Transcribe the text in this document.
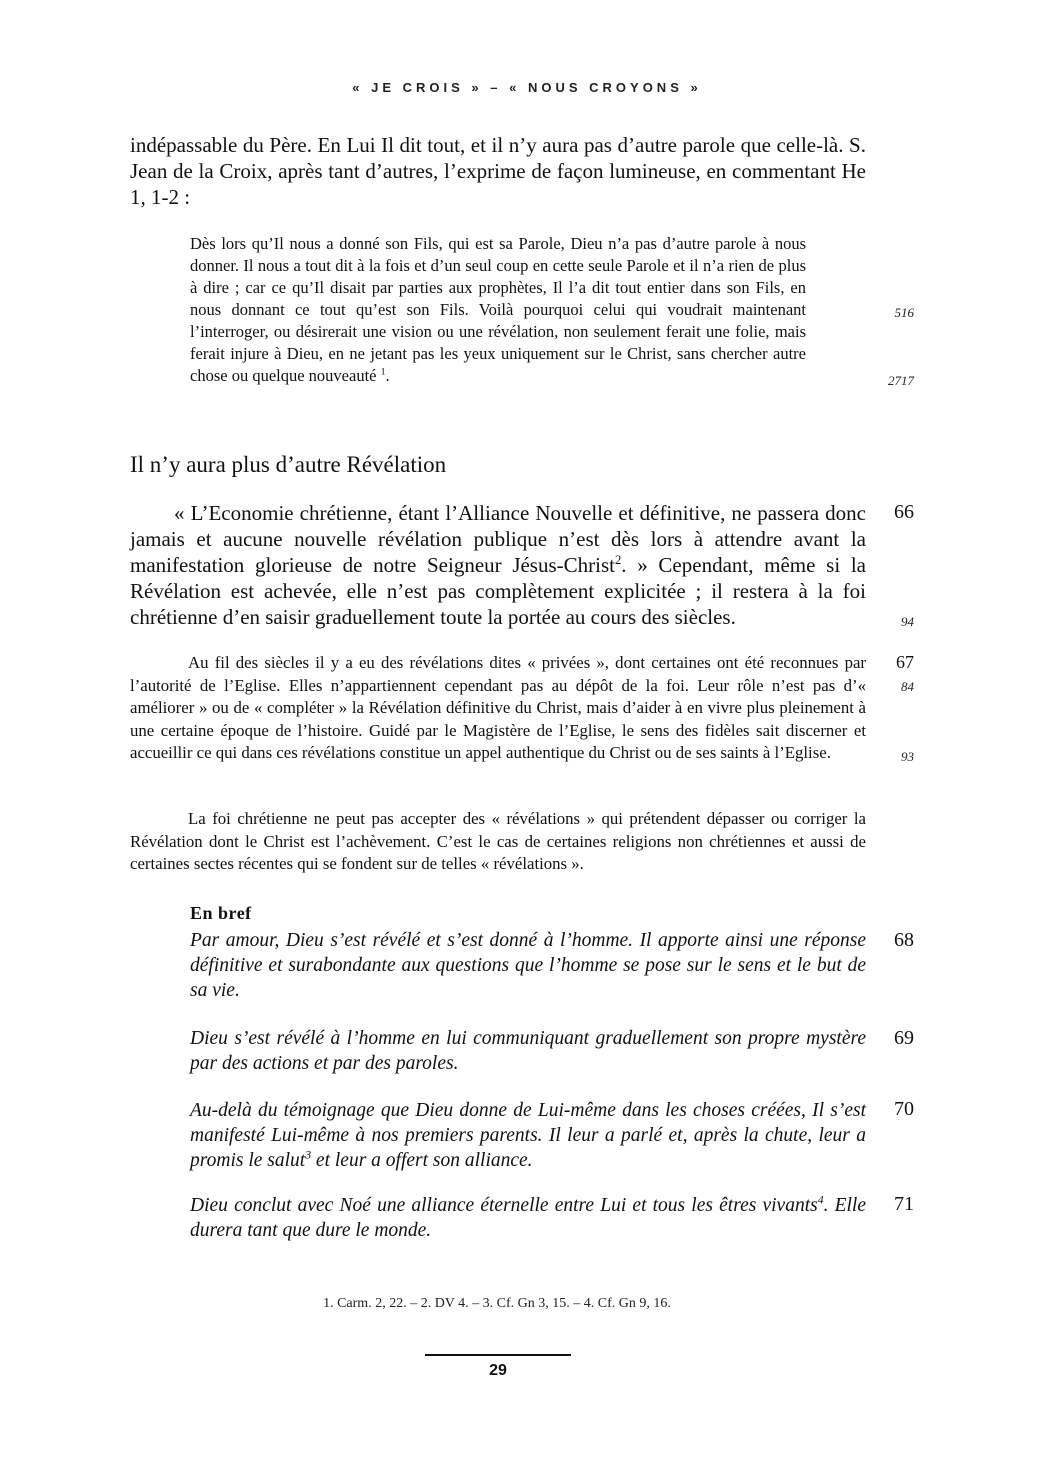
« JE CROIS » – « NOUS CROYONS »
indépassable du Père. En Lui Il dit tout, et il n’y aura pas d’autre parole que celle-là. S. Jean de la Croix, après tant d’autres, l’exprime de façon lumineuse, en commentant He 1, 1-2 :
Dès lors qu’Il nous a donné son Fils, qui est sa Parole, Dieu n’a pas d’autre parole à nous donner. Il nous a tout dit à la fois et d’un seul coup en cette seule Parole et il n’a rien de plus à dire ; car ce qu’Il disait par parties aux prophètes, Il l’a dit tout entier dans son Fils, en nous donnant ce tout qu’est son Fils. Voilà pourquoi celui qui voudrait maintenant l’interroger, ou désirerait une vision ou une révélation, non seulement ferait une folie, mais ferait injure à Dieu, en ne jetant pas les yeux uniquement sur le Christ, sans chercher autre chose ou quelque nouveauté $^1$.
516
2717
Il n’y aura plus d’autre Révélation
« L’Economie chrétienne, étant l’Alliance Nouvelle et définitive, ne passera donc jamais et aucune nouvelle révélation publique n’est dès lors à attendre avant la manifestation glorieuse de notre Seigneur Jésus-Christ$^2$. » Cependant, même si la Révélation est achevée, elle n’est pas complètement explicitée ; il restera à la foi chrétienne d’en saisir graduellement toute la portée au cours des siècles.
66
94
Au fil des siècles il y a eu des révélations dites « privées », dont certaines ont été reconnues par l’autorité de l’Eglise. Elles n’appartiennent cependant pas au dépôt de la foi. Leur rôle n’est pas d’« améliorer » ou de « compléter » la Révélation définitive du Christ, mais d’aider à en vivre plus pleinement à une certaine époque de l’histoire. Guidé par le Magistère de l’Eglise, le sens des fidèles sait discerner et accueillir ce qui dans ces révélations constitue un appel authentique du Christ ou de ses saints à l’Eglise.
67
84
93
La foi chrétienne ne peut pas accepter des « révélations » qui prétendent dépasser ou corriger la Révélation dont le Christ est l’achèvement. C’est le cas de certaines religions non chrétiennes et aussi de certaines sectes récentes qui se fondent sur de telles « révélations ».
En bref
Par amour, Dieu s’est révélé et s’est donné à l’homme. Il apporte ainsi une réponse définitive et surabondante aux questions que l’homme se pose sur le sens et le but de sa vie.
68
Dieu s’est révélé à l’homme en lui communiquant graduellement son propre mystère par des actions et par des paroles.
69
Au-delà du témoignage que Dieu donne de Lui-même dans les choses créées, Il s’est manifesté Lui-même à nos premiers parents. Il leur a parlé et, après la chute, leur a promis le salut$^3$ et leur a offert son alliance.
70
Dieu conclut avec Noé une alliance éternelle entre Lui et tous les êtres vivants$^4$. Elle durera tant que dure le monde.
71
1. Carm. 2, 22. – 2. DV 4. – 3. Cf. Gn 3, 15. – 4. Cf. Gn 9, 16.
29
